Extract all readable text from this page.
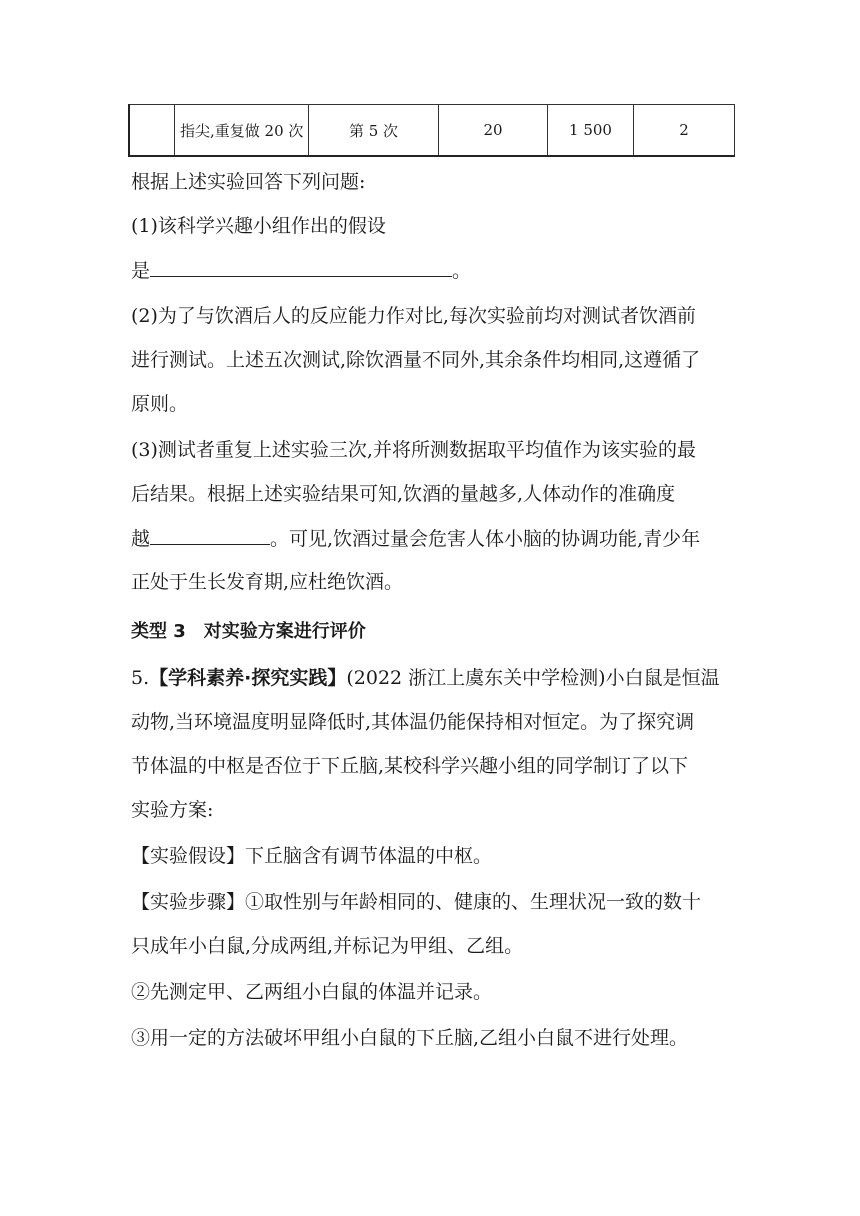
	指尖,重复做 20 次	第 5 次	20	1 500	2
根据上述实验回答下列问题:
(1)该科学兴趣小组作出的假设
是	。
(2)为了与饮酒后人的反应能力作对比,每次实验前均对测试者饮酒前
进行测试。上述五次测试,除饮酒量不同外,其余条件均相同,这遵循了
原则。
(3)测试者重复上述实验三次,并将所测数据取平均值作为该实验的最
后结果。根据上述实验结果可知,饮酒的量越多,人体动作的准确度
越	。可见,饮酒过量会危害人体小脑的协调功能,青少年
正处于生长发育期,应杜绝饮酒。
类型 3　对实验方案进行评价
5.【学科素养·探究实践】(2022 浙江上虞东关中学检测)小白鼠是恒温
动物,当环境温度明显降低时,其体温仍能保持相对恒定。为了探究调
节体温的中枢是否位于下丘脑,某校科学兴趣小组的同学制订了以下
实验方案:
【实验假设】下丘脑含有调节体温的中枢。
【实验步骤】①取性别与年龄相同的、健康的、生理状况一致的数十
只成年小白鼠,分成两组,并标记为甲组、乙组。
②先测定甲、乙两组小白鼠的体温并记录。
③用一定的方法破坏甲组小白鼠的下丘脑,乙组小白鼠不进行处理。
